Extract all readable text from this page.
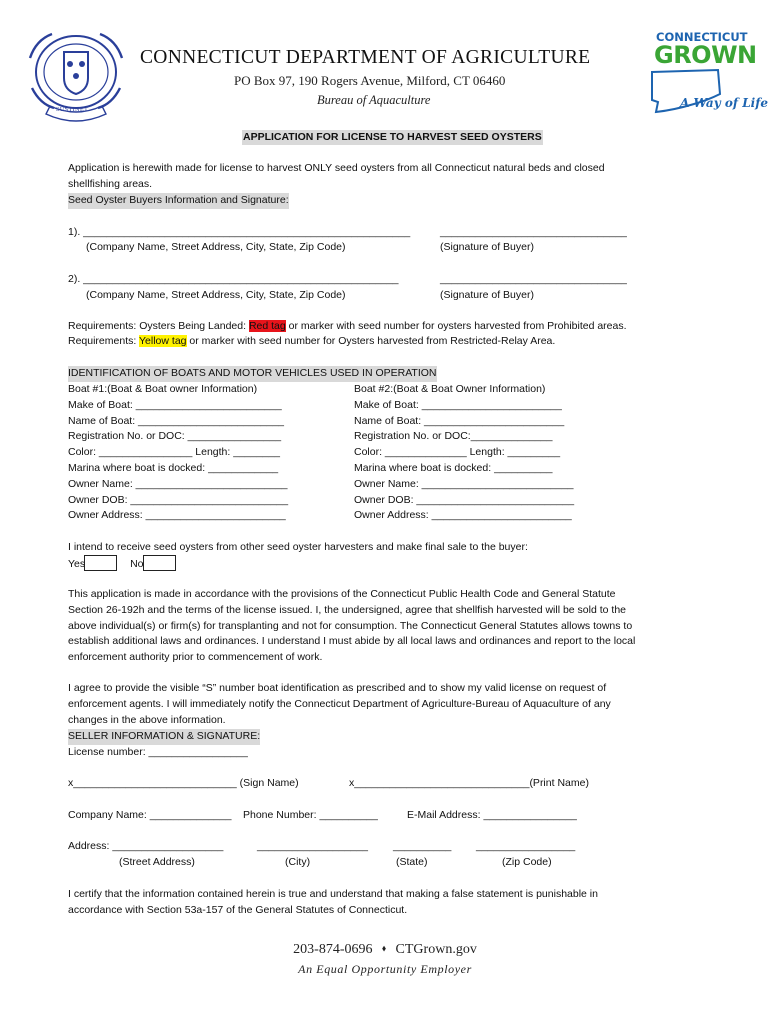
SUSTINET
CONNECTICUT DEPARTMENT OF AGRICULTURE
PO Box 97, 190 Rogers Avenue, Milford, CT 06460
Bureau of Aquaculture
CONNECTICUT
GROWN
A Way of Life
APPLICATION FOR LICENSE TO HARVEST SEED OYSTERS
Application is herewith made for license to harvest ONLY seed oysters from all Connecticut natural beds and closed
shellfishing areas.
Seed Oyster Buyers Information and Signature:
1). ________________________________________________________	________________________________
(Company Name, Street Address, City, State, Zip Code)	(Signature of Buyer)
2). ______________________________________________________	________________________________
(Company Name, Street Address, City, State, Zip Code)	(Signature of Buyer)
Requirements: Oysters Being Landed: Red tag or marker with seed number for oysters harvested from Prohibited areas.
Requirements: Yellow tag or marker with seed number for Oysters harvested from Restricted-Relay Area.
IDENTIFICATION OF BOATS AND MOTOR VEHICLES USED IN OPERATION
Boat #1:(Boat & Boat owner Information)
Make of Boat: _________________________
Name of Boat: _________________________
Registration No. or DOC: ________________
Color: ________________ Length: ________
Marina where boat is docked: ____________
Owner Name: __________________________
Owner DOB: ___________________________
Owner Address: ________________________
Boat #2:(Boat & Boat Owner Information)
Make of Boat: ________________________
Name of Boat: ________________________
Registration No. or DOC:______________
Color: ______________ Length: _________
Marina where boat is docked: __________
Owner Name: __________________________
Owner DOB: ___________________________
Owner Address: ________________________
I intend to receive seed oysters from other seed oyster harvesters and make final sale to the buyer:
Yes	No
This application is made in accordance with the provisions of the Connecticut Public Health Code and General Statute
Section 26-192h and the terms of the license issued. I, the undersigned, agree that shellfish harvested will be sold to the
above individual(s) or firm(s) for transplanting and not for consumption. The Connecticut General Statutes allows towns to
establish additional laws and ordinances. I understand I must abide by all local laws and ordinances and report to the local
enforcement authority prior to commencement of work.
I agree to provide the visible “S” number boat identification as prescribed and to show my valid license on request of
enforcement agents. I will immediately notify the Connecticut Department of Agriculture-Bureau of Aquaculture of any
changes in the above information.
SELLER INFORMATION & SIGNATURE:
License number: _________________
x____________________________ (Sign Name)	x______________________________(Print Name)
Company Name: ______________ Phone Number: __________	E-Mail Address: ________________
Address: ___________________	___________________ __________ _________________
(Street Address)	(City)	(State)	(Zip Code)
I certify that the information contained herein is true and understand that making a false statement is punishable in
accordance with Section 53a-157 of the General Statutes of Connecticut.
203-874-0696 ⬧ CTGrown.gov
An Equal Opportunity Employer
